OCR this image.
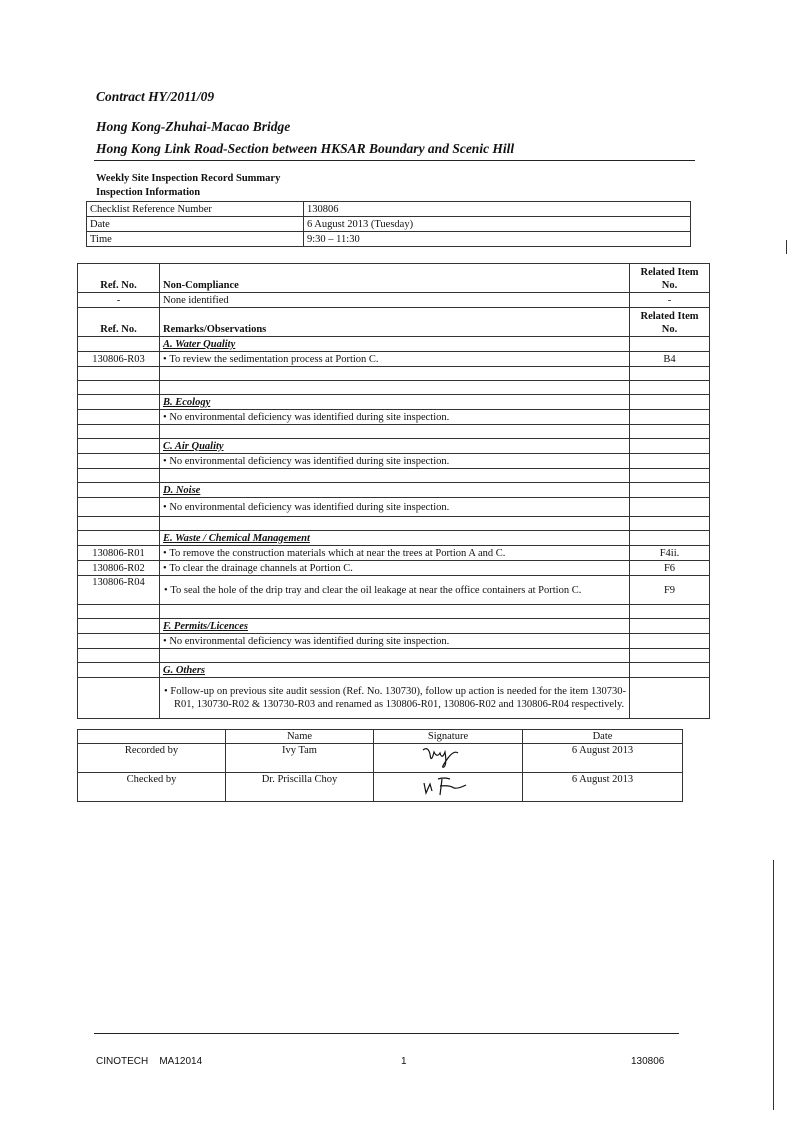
Contract HY/2011/09
Hong Kong-Zhuhai-Macao Bridge
Hong Kong Link Road-Section between HKSAR Boundary and Scenic Hill
Weekly Site Inspection Record Summary
Inspection Information
Checklist Reference Number	130806
Date	6 August 2013 (Tuesday)
Time	9:30 – 11:30
Ref. No.	Non-Compliance	Related Item No.
-	None identified	-
Ref. No.	Remarks/Observations	Related Item No.
	A. Water Quality	
130806-R03	• To review the sedimentation process at Portion C.	B4

	B. Ecology	
	• No environmental deficiency was identified during site inspection.	

	C. Air Quality	
	• No environmental deficiency was identified during site inspection.	

	D. Noise	
	• No environmental deficiency was identified during site inspection.	

	E. Waste / Chemical Management	
130806-R01	• To remove the construction materials which at near the trees at Portion A and C.	F4ii.
130806-R02	• To clear the drainage channels at Portion C.	F6
130806-R04	• To seal the hole of the drip tray and clear the oil leakage at near the office containers at Portion C.	F9

	F. Permits/Licences	
	• No environmental deficiency was identified during site inspection.	

	G. Others	
	• Follow-up on previous site audit session (Ref. No. 130730), follow up action is needed for the item 130730-R01, 130730-R02 & 130730-R03 and renamed as 130806-R01, 130806-R02 and 130806-R04 respectively.	
	Name	Signature	Date
Recorded by	Ivy Tam		6 August 2013
Checked by	Dr. Priscilla Choy		6 August 2013
CINOTECH    MA12014	1	130806
